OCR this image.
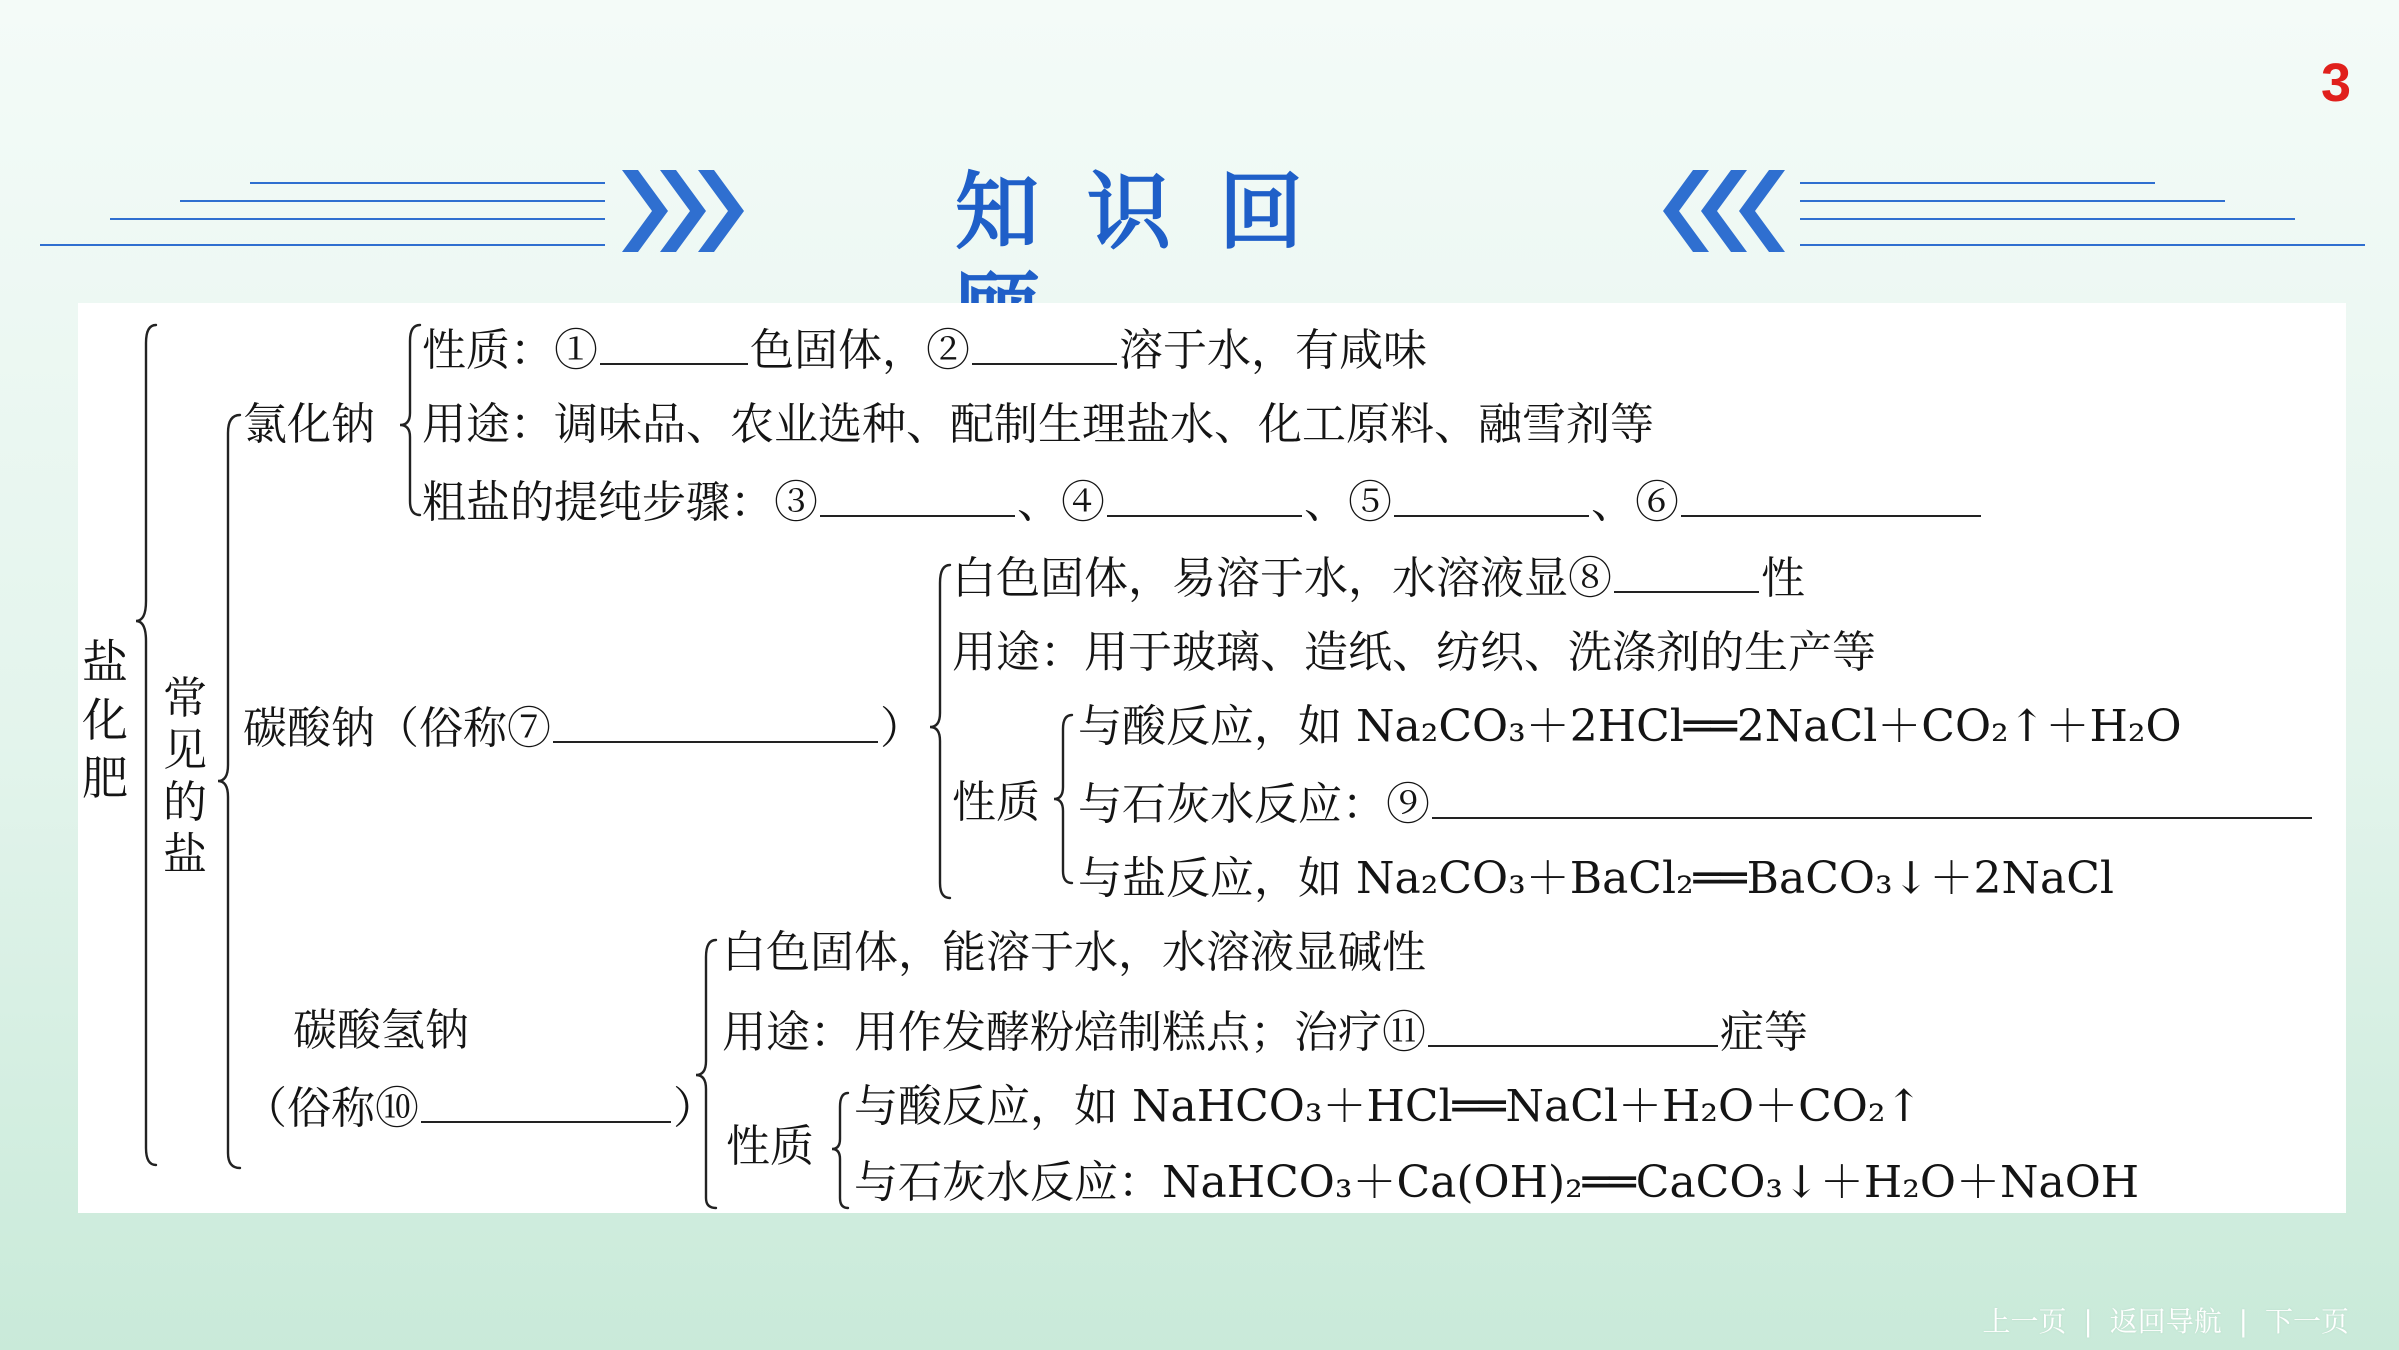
3
知识回
盐化肥
常见的盐
氯化钠
性质：①	色固体，②	溶于水，有咸味
用途：调味品、农业选种、配制生理盐水、化工原料、融雪剂等
粗盐的提纯步骤：③	、④	、⑤	、⑥
碳酸钠（俗称⑦	）
白色固体，易溶于水，水溶液显⑧	性
用途：用于玻璃、造纸、纺织、洗涤剂的生产等
性质
与酸反应，如 Na₂CO₃＋2HCl══2NaCl＋CO₂↑＋H₂O
与石灰水反应：⑨
与盐反应，如 Na₂CO₃＋BaCl₂══BaCO₃↓＋2NaCl
碳酸氢钠
（俗称⑩	）
白色固体，能溶于水，水溶液显碱性
用途：用作发酵粉焙制糕点；治疗⑪	症等
性质
与酸反应，如 NaHCO₃＋HCl══NaCl＋H₂O＋CO₂↑
与石灰水反应：NaHCO₃＋Ca(OH)₂══CaCO₃↓＋H₂O＋NaOH
上一页 | 返回导航 | 下一页
